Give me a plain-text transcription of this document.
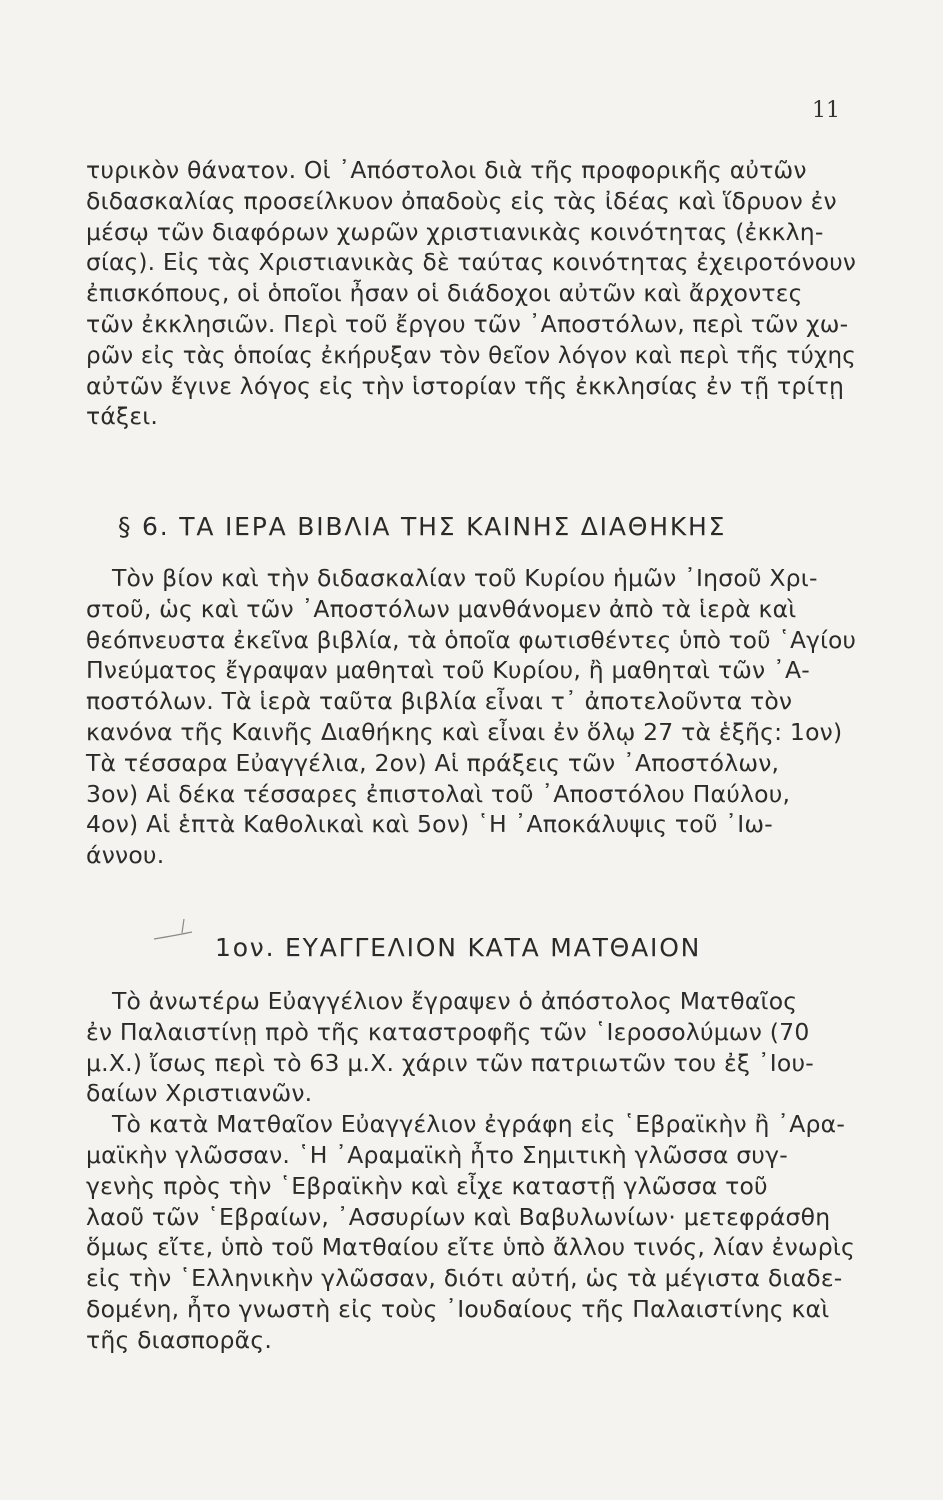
11
τυρικὸν θάνατον. Οἱ ᾿Απόστολοι διὰ τῆς προφορικῆς αὐτῶν
διδασκαλίας προσείλκυον ὀπαδοὺς εἰς τὰς ἰδέας καὶ ἵδρυον ἐν
μέσῳ τῶν διαφόρων χωρῶν χριστιανικὰς κοινότητας (ἐκκλη-
σίας). Εἰς τὰς Χριστιανικὰς δὲ ταύτας κοινότητας ἐχειροτόνουν
ἐπισκόπους, οἱ ὁποῖοι ἦσαν οἱ διάδοχοι αὐτῶν καὶ ἄρχοντες
τῶν ἐκκλησιῶν. Περὶ τοῦ ἔργου τῶν ᾿Αποστόλων, περὶ τῶν χω-
ρῶν εἰς τὰς ὁποίας ἐκήρυξαν τὸν θεῖον λόγον καὶ περὶ τῆς τύχης
αὐτῶν ἔγινε λόγος εἰς τὴν ἱστορίαν τῆς ἐκκλησίας ἐν τῇ τρίτῃ
τάξει.
§ 6. ΤΑ ΙΕΡΑ ΒΙΒΛΙΑ ΤΗΣ ΚΑΙΝΗΣ ΔΙΑΘΗΚΗΣ
Τὸν βίον καὶ τὴν διδασκαλίαν τοῦ Κυρίου ἡμῶν ᾿Ιησοῦ Χρι-
στοῦ, ὡς καὶ τῶν ᾿Αποστόλων μανθάνομεν ἀπὸ τὰ ἱερὰ καὶ
θεόπνευστα ἐκεῖνα βιβλία, τὰ ὁποῖα φωτισθέντες ὑπὸ τοῦ ῾Αγίου
Πνεύματος ἔγραψαν μαθηταὶ τοῦ Κυρίου, ἢ μαθηταὶ τῶν ᾿Α-
ποστόλων. Τὰ ἱερὰ ταῦτα βιβλία εἶναι τ᾿ ἀποτελοῦντα τὸν
κανόνα τῆς Καινῆς Διαθήκης καὶ εἶναι ἐν ὅλῳ 27 τὰ ἑξῆς: 1ον)
Τὰ τέσσαρα Εὐαγγέλια, 2ον) Αἱ πράξεις τῶν ᾿Αποστόλων,
3ον) Αἱ δέκα τέσσαρες ἐπιστολαὶ τοῦ ᾿Αποστόλου Παύλου,
4ον) Αἱ ἑπτὰ Καθολικαὶ καὶ 5ον) ῾Η ᾿Αποκάλυψις τοῦ ᾿Ιω-
άννου.
1ον. ΕΥΑΓΓΕΛΙΟΝ ΚΑΤΑ ΜΑΤΘΑΙΟΝ
Τὸ ἀνωτέρω Εὐαγγέλιον ἔγραψεν ὁ ἀπόστολος Ματθαῖος
ἐν Παλαιστίνῃ πρὸ τῆς καταστροφῆς τῶν ῾Ιεροσολύμων (70
μ.Χ.) ἴσως περὶ τὸ 63 μ.Χ. χάριν τῶν πατριωτῶν του ἐξ ᾿Ιου-
δαίων Χριστιανῶν.
Τὸ κατὰ Ματθαῖον Εὐαγγέλιον ἐγράφη εἰς ῾Εβραϊκὴν ἢ ᾿Αρα-
μαϊκὴν γλῶσσαν. ῾Η ᾿Αραμαϊκὴ ἦτο Σημιτικὴ γλῶσσα συγ-
γενὴς πρὸς τὴν ῾Εβραϊκὴν καὶ εἶχε καταστῇ γλῶσσα τοῦ
λαοῦ τῶν ῾Εβραίων, ᾿Ασσυρίων καὶ Βαβυλωνίων· μετεφράσθη
ὅμως εἴτε, ὑπὸ τοῦ Ματθαίου εἴτε ὑπὸ ἄλλου τινός, λίαν ἐνωρὶς
εἰς τὴν ῾Ελληνικὴν γλῶσσαν, διότι αὐτή, ὡς τὰ μέγιστα διαδε-
δομένη, ἦτο γνωστὴ εἰς τοὺς ᾿Ιουδαίους τῆς Παλαιστίνης καὶ
τῆς διασπορᾶς.
